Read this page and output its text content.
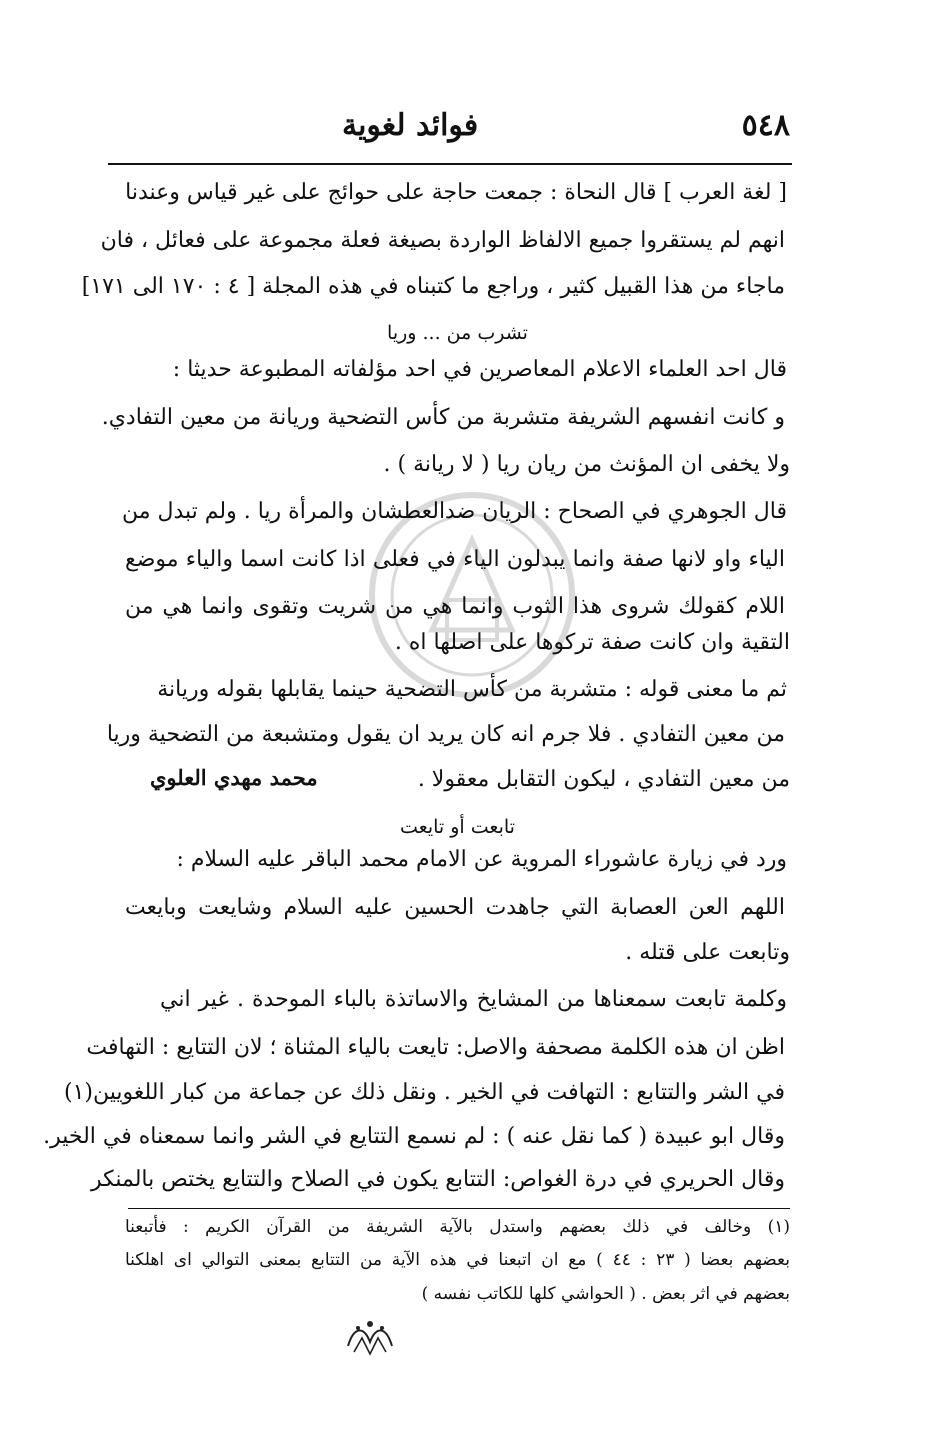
٥٤٨
فوائد لغوية
[ لغة العرب ] قال النحاة : جمعت حاجة على حوائج على غير قياس وعندنا
انهم لم يستقروا جميع الالفاظ الواردة بصيغة فعلة مجموعة على فعائل ، فان
ماجاء من هذا القبيل كثير ، وراجع ما كتبناه في هذه المجلة [ ٤ : ١٧٠ الى ١٧١]
تشرب من ... وريا
قال احد العلماء الاعلام المعاصرين في احد مؤلفاته المطبوعة حديثا :
و كانت انفسهم الشريفة متشربة من كأس التضحية وريانة من معين التفادي.
ولا يخفى ان المؤنث من ريان ريا ( لا ريانة ) .
قال الجوهري في الصحاح : الريان ضدالعطشان والمرأة ريا . ولم تبدل من
الياء واو لانها صفة وانما يبدلون الياء في فعلى اذا كانت اسما والياء موضع
اللام كقولك شروى هذا الثوب وانما هي من شريت وتقوى وانما هي من
التقية وان كانت صفة تركوها على اصلها اه .
ثم ما معنى قوله : متشربة من كأس التضحية حينما يقابلها بقوله وريانة
من معين التفادي . فلا جرم انه كان يريد ان يقول ومتشبعة من التضحية وريا
من معين التفادي ، ليكون التقابل معقولا .
محمد مهدي العلوي
تابعت أو تايعت
ورد في زيارة عاشوراء المروية عن الامام محمد الباقر عليه السلام :
اللهم العن العصابة التي جاهدت الحسين عليه السلام وشايعت وبايعت
وتابعت على قتله .
وكلمة تابعت سمعناها من المشايخ والاساتذة بالباء الموحدة . غير اني
اظن ان هذه الكلمة مصحفة والاصل: تايعت بالياء المثناة ؛ لان التتايع : التهافت
في الشر والتتابع : التهافت في الخير . ونقل ذلك عن جماعة من كبار اللغويين(١)
وقال ابو عبيدة ( كما نقل عنه ) : لم نسمع التتايع في الشر وانما سمعناه في الخير.
وقال الحريري في درة الغواص: التتابع يكون في الصلاح والتتايع يختص بالمنكر
(١) وخالف في ذلك بعضهم واستدل بالآية الشريفة من القرآن الكريم : فأتبعنا
بعضهم بعضا ( ٢٣ : ٤٤ ) مع ان اتبعنا في هذه الآية من التتابع بمعنى التوالي اى اهلكنا
بعضهم في اثر بعض . ( الحواشي كلها للكاتب نفسه )
